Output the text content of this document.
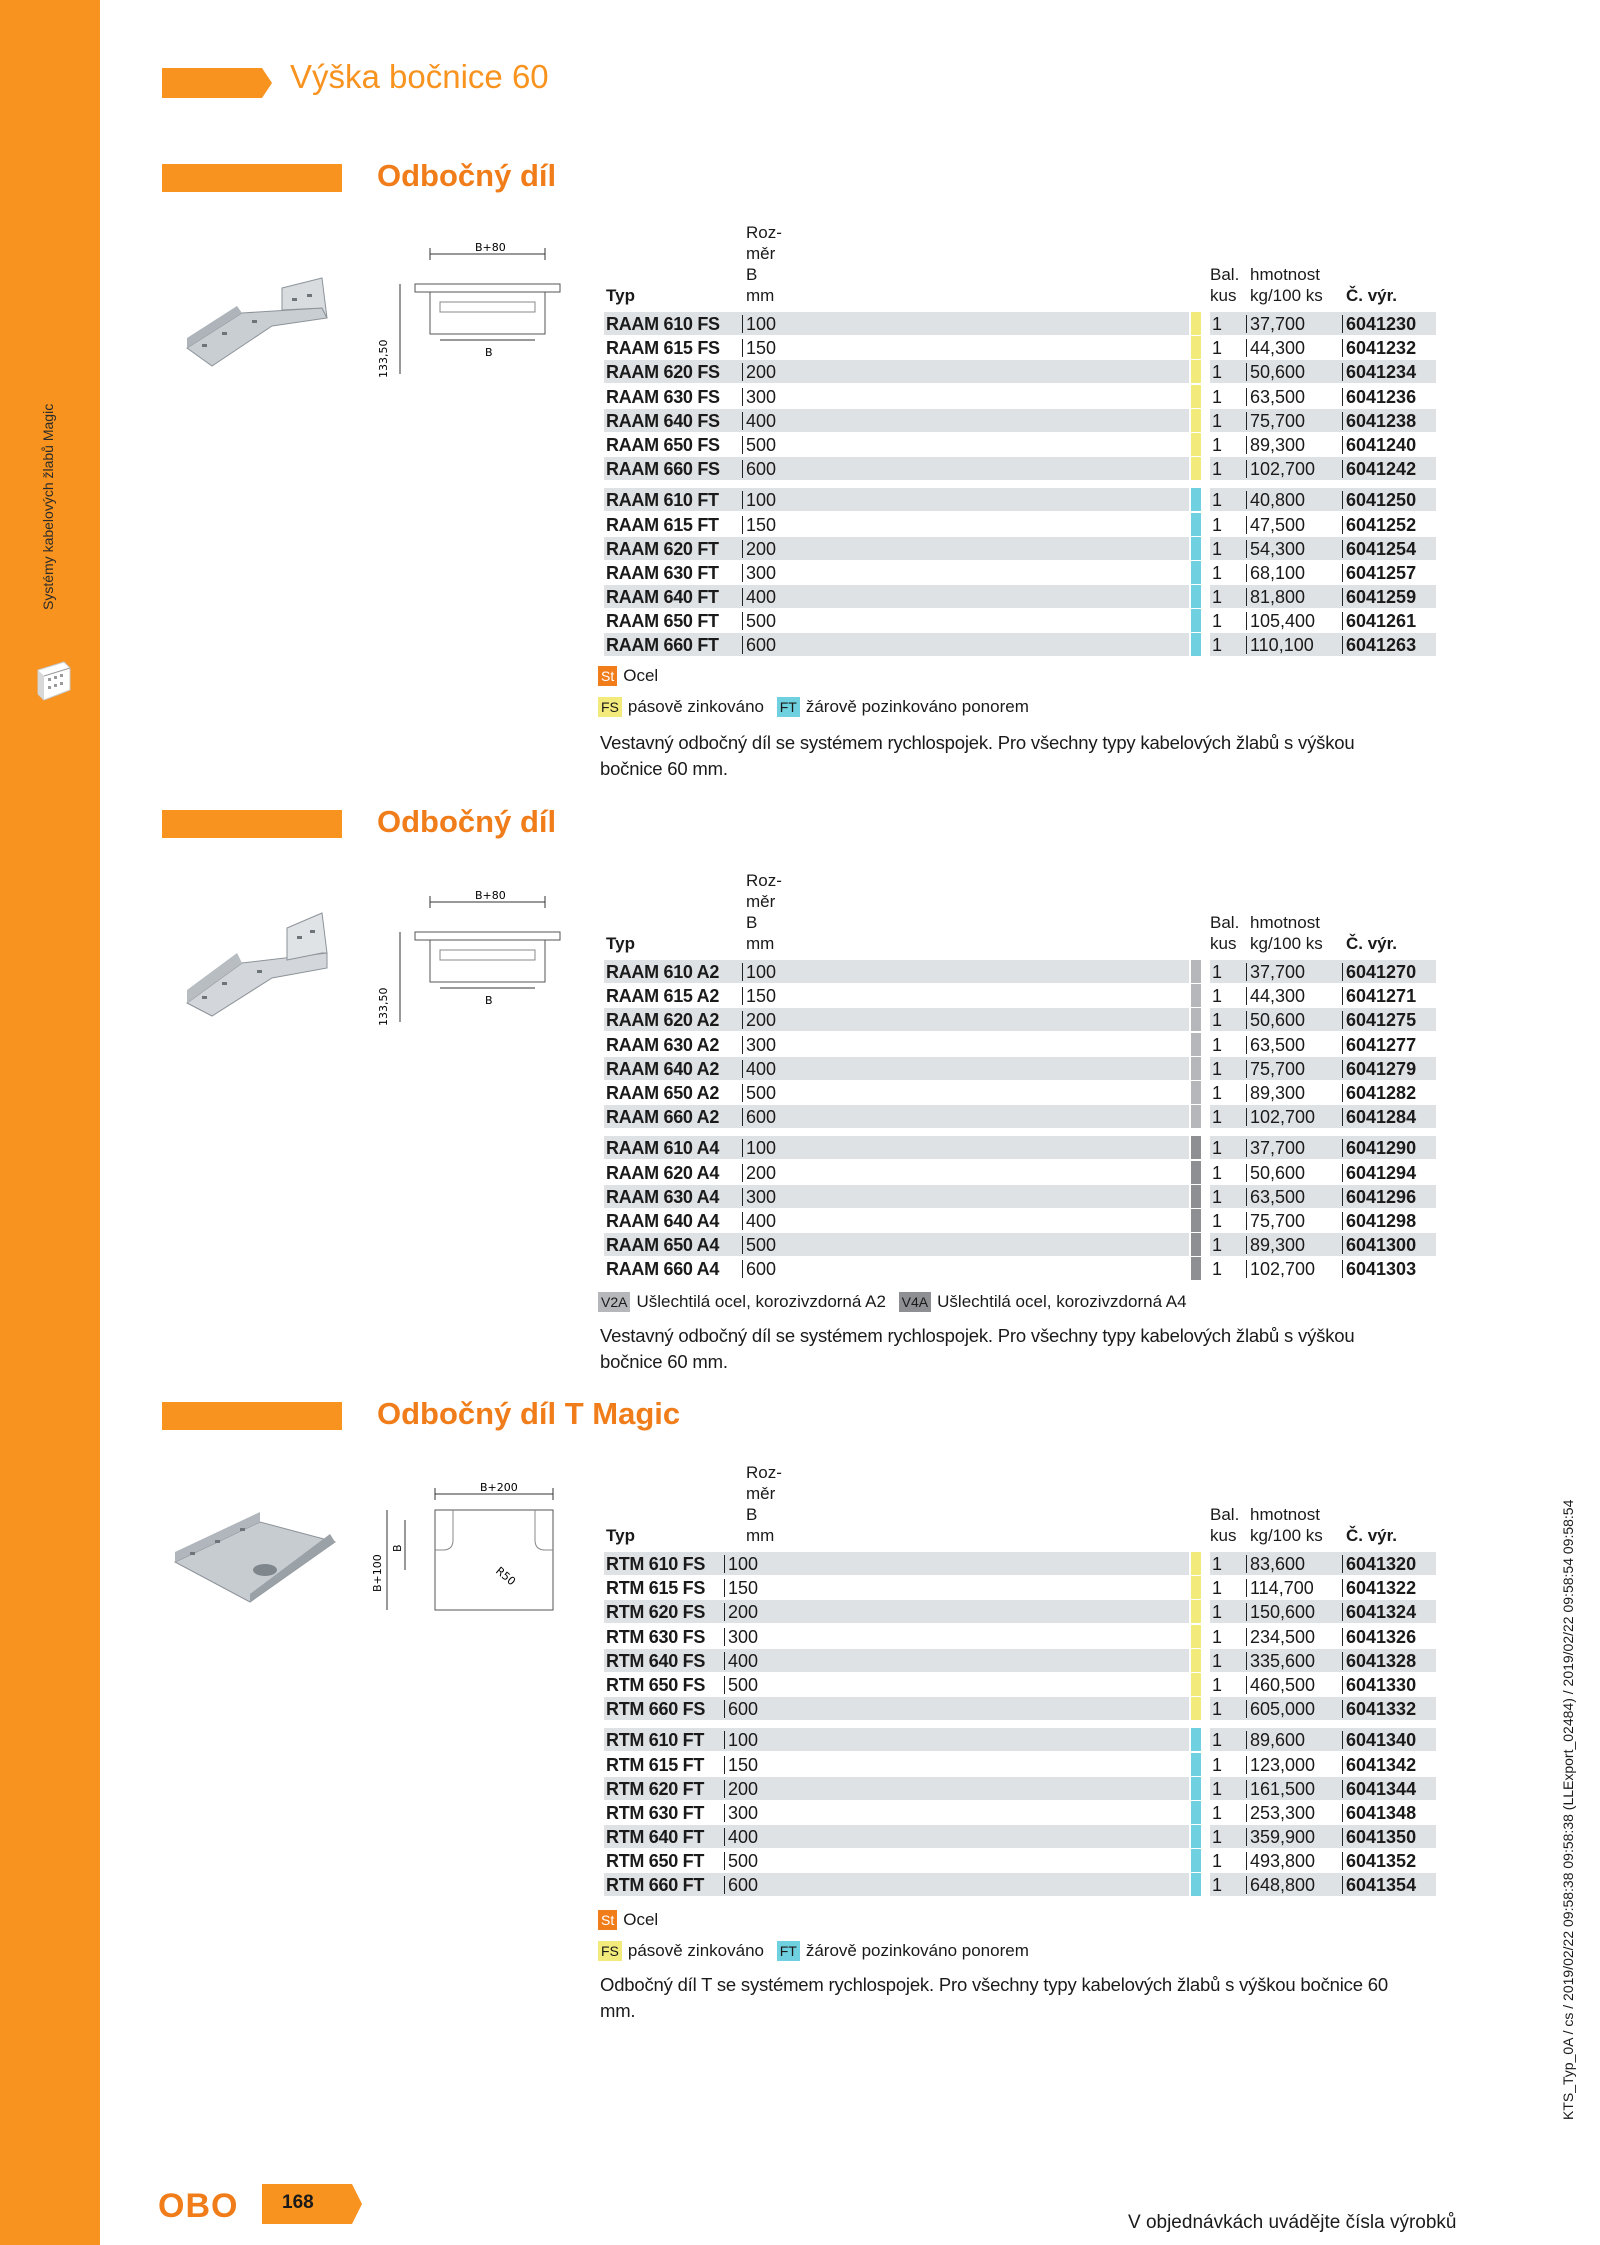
Systémy kabelových žlabů Magic
Výška bočnice 60
Odbočný díl
Odbočný díl
Odbočný díl T Magic
B+80
B
133,50
B+80
B
133,50
B+200
R50
B+100
B
Roz-
měr
B
mm
Typ
Bal.
kus
hmotnost
kg/100 ks Č. výr.
RAAM 610 FS 100	1 37,700 6041230
RAAM 615 FS 150	1 44,300 6041232
RAAM 620 FS 200	1 50,600 6041234
RAAM 630 FS 300	1 63,500 6041236
RAAM 640 FS 400	1 75,700 6041238
RAAM 650 FS 500	1 89,300 6041240
RAAM 660 FS 600	1 102,700 6041242
RAAM 610 FT 100	1 40,800 6041250
RAAM 615 FT 150	1 47,500 6041252
RAAM 620 FT 200	1 54,300 6041254
RAAM 630 FT 300	1 68,100 6041257
RAAM 640 FT 400	1 81,800 6041259
RAAM 650 FT 500	1 105,400 6041261
RAAM 660 FT 600	1 110,100 6041263
Roz-
měr
B
mm
Typ
Bal.
kus
hmotnost
kg/100 ks Č. výr.
RAAM 610 A2 100	1 37,700 6041270
RAAM 615 A2 150	1 44,300 6041271
RAAM 620 A2 200	1 50,600 6041275
RAAM 630 A2 300	1 63,500 6041277
RAAM 640 A2 400	1 75,700 6041279
RAAM 650 A2 500	1 89,300 6041282
RAAM 660 A2 600	1 102,700 6041284
RAAM 610 A4 100	1 37,700 6041290
RAAM 620 A4 200	1 50,600 6041294
RAAM 630 A4 300	1 63,500 6041296
RAAM 640 A4 400	1 75,700 6041298
RAAM 650 A4 500	1 89,300 6041300
RAAM 660 A4 600	1 102,700 6041303
Roz-
měr
B
mm
Typ
Bal.
kus
hmotnost
kg/100 ks Č. výr.
RTM 610 FS 100	1 83,600 6041320
RTM 615 FS 150	1 114,700 6041322
RTM 620 FS 200	1 150,600 6041324
RTM 630 FS 300	1 234,500 6041326
RTM 640 FS 400	1 335,600 6041328
RTM 650 FS 500	1 460,500 6041330
RTM 660 FS 600	1 605,000 6041332
RTM 610 FT 100	1 89,600 6041340
RTM 615 FT 150	1 123,000 6041342
RTM 620 FT 200	1 161,500 6041344
RTM 630 FT 300	1 253,300 6041348
RTM 640 FT 400	1 359,900 6041350
RTM 650 FT 500	1 493,800 6041352
RTM 660 FT 600	1 648,800 6041354
St Ocel
FS pásově zinkováno FT žárově pozinkováno ponorem
Vestavný odbočný díl se systémem rychlospojek. Pro všechny typy kabelových žlabů s výškou bočnice 60 mm.
V2A Ušlechtilá ocel, korozivzdorná A2 V4A Ušlechtilá ocel, korozivzdorná A4
Vestavný odbočný díl se systémem rychlospojek. Pro všechny typy kabelových žlabů s výškou bočnice 60 mm.
St Ocel
FS pásově zinkováno FT žárově pozinkováno ponorem
Odbočný díl T se systémem rychlospojek. Pro všechny typy kabelových žlabů s výškou bočnice 60 mm.	KTS_Typ_0A / cs / 2019/02/22 09:58:38 09:58:38 (LLExport_02484) / 2019/02/22 09:58:54 09:58:54
OBO 168
V objednávkách uvádějte čísla výrobků
